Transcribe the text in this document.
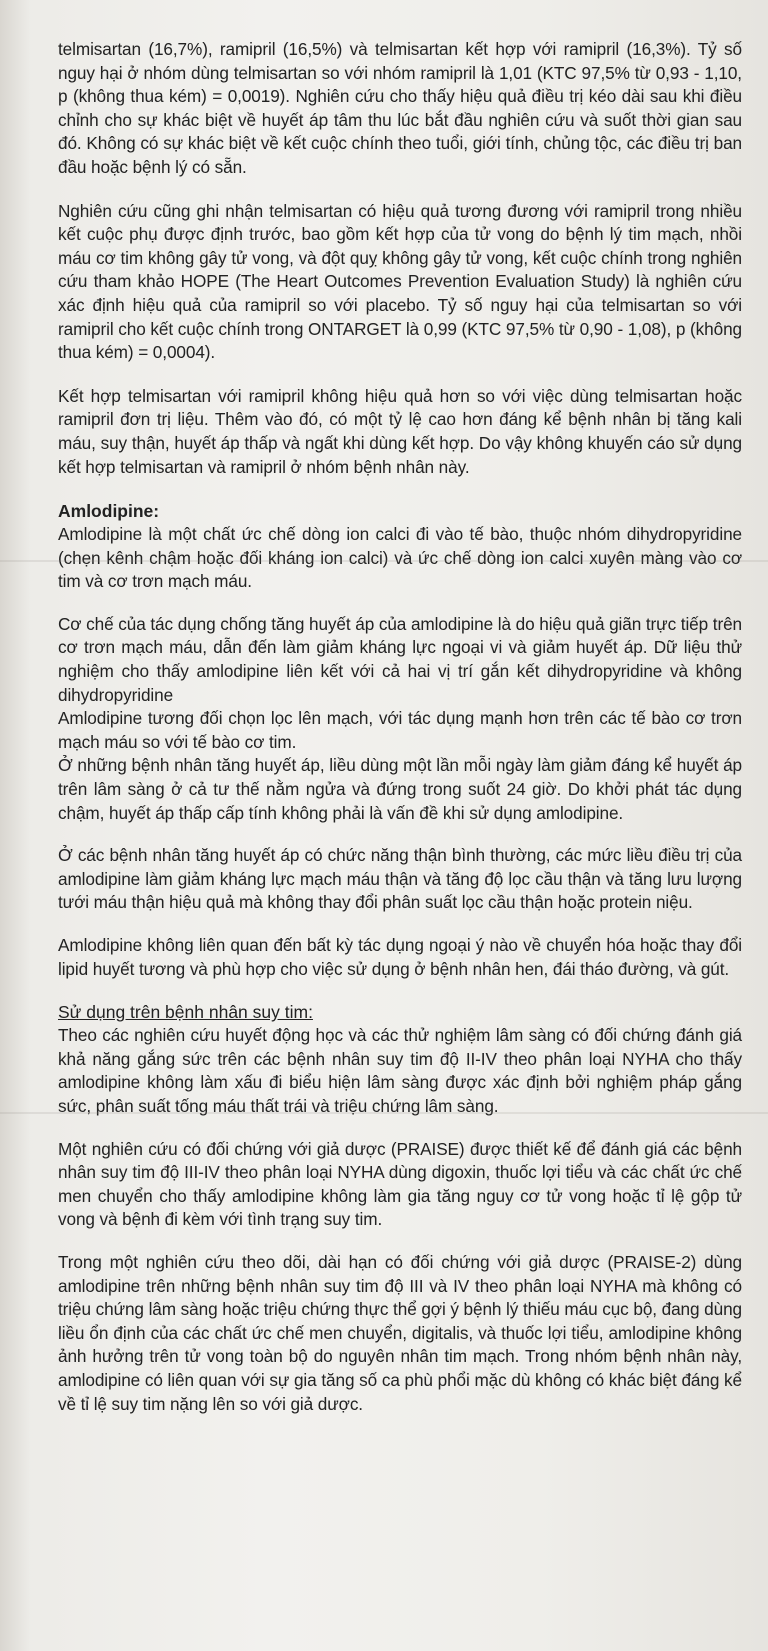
telmisartan (16,7%), ramipril (16,5%) và telmisartan kết hợp với ramipril (16,3%). Tỷ số nguy hại ở nhóm dùng telmisartan so với nhóm ramipril là 1,01 (KTC 97,5% từ 0,93 - 1,10, p (không thua kém) = 0,0019). Nghiên cứu cho thấy hiệu quả điều trị kéo dài sau khi điều chỉnh cho sự khác biệt về huyết áp tâm thu lúc bắt đầu nghiên cứu và suốt thời gian sau đó. Không có sự khác biệt về kết cuộc chính theo tuổi, giới tính, chủng tộc, các điều trị ban đầu hoặc bệnh lý có sẵn.

Nghiên cứu cũng ghi nhận telmisartan có hiệu quả tương đương với ramipril trong nhiều kết cuộc phụ được định trước, bao gồm kết hợp của tử vong do bệnh lý tim mạch, nhồi máu cơ tim không gây tử vong, và đột quỵ không gây tử vong, kết cuộc chính trong nghiên cứu tham khảo HOPE (The Heart Outcomes Prevention Evaluation Study) là nghiên cứu xác định hiệu quả của ramipril so với placebo. Tỷ số nguy hại của telmisartan so với ramipril cho kết cuộc chính trong ONTARGET là 0,99 (KTC 97,5% từ 0,90 - 1,08), p (không thua kém) = 0,0004).

Kết hợp telmisartan với ramipril không hiệu quả hơn so với việc dùng telmisartan hoặc ramipril đơn trị liệu. Thêm vào đó, có một tỷ lệ cao hơn đáng kể bệnh nhân bị tăng kali máu, suy thận, huyết áp thấp và ngất khi dùng kết hợp. Do vậy không khuyến cáo sử dụng kết hợp telmisartan và ramipril ở nhóm bệnh nhân này.

Amlodipine:

Amlodipine là một chất ức chế dòng ion calci đi vào tế bào, thuộc nhóm dihydropyridine (chẹn kênh chậm hoặc đối kháng ion calci) và ức chế dòng ion calci xuyên màng vào cơ tim và cơ trơn mạch máu.

Cơ chế của tác dụng chống tăng huyết áp của amlodipine là do hiệu quả giãn trực tiếp trên cơ trơn mạch máu, dẫn đến làm giảm kháng lực ngoại vi và giảm huyết áp. Dữ liệu thử nghiệm cho thấy amlodipine liên kết với cả hai vị trí gắn kết dihydropyridine và không dihydropyridine

Amlodipine tương đối chọn lọc lên mạch, với tác dụng mạnh hơn trên các tế bào cơ trơn mạch máu so với tế bào cơ tim.

Ở những bệnh nhân tăng huyết áp, liều dùng một lần mỗi ngày làm giảm đáng kể huyết áp trên lâm sàng ở cả tư thế nằm ngửa và đứng trong suốt 24 giờ. Do khởi phát tác dụng chậm, huyết áp thấp cấp tính không phải là vấn đề khi sử dụng amlodipine.

Ở các bệnh nhân tăng huyết áp có chức năng thận bình thường, các mức liều điều trị của amlodipine làm giảm kháng lực mạch máu thận và tăng độ lọc cầu thận và tăng lưu lượng tưới máu thận hiệu quả mà không thay đổi phân suất lọc cầu thận hoặc protein niệu.

Amlodipine không liên quan đến bất kỳ tác dụng ngoại ý nào về chuyển hóa hoặc thay đổi lipid huyết tương và phù hợp cho việc sử dụng ở bệnh nhân hen, đái tháo đường, và gút.

Sử dụng trên bệnh nhân suy tim:

Theo các nghiên cứu huyết động học và các thử nghiệm lâm sàng có đối chứng đánh giá khả năng gắng sức trên các bệnh nhân suy tim độ II-IV theo phân loại NYHA cho thấy amlodipine không làm xấu đi biểu hiện lâm sàng được xác định bởi nghiệm pháp gắng sức, phân suất tống máu thất trái và triệu chứng lâm sàng.

Một nghiên cứu có đối chứng với giả dược (PRAISE) được thiết kế để đánh giá các bệnh nhân suy tim độ III-IV theo phân loại NYHA dùng digoxin, thuốc lợi tiểu và các chất ức chế men chuyển cho thấy amlodipine không làm gia tăng nguy cơ tử vong hoặc tỉ lệ gộp tử vong và bệnh đi kèm với tình trạng suy tim.

Trong một nghiên cứu theo dõi, dài hạn có đối chứng với giả dược (PRAISE-2) dùng amlodipine trên những bệnh nhân suy tim độ III và IV theo phân loại NYHA mà không có triệu chứng lâm sàng hoặc triệu chứng thực thể gợi ý bệnh lý thiếu máu cục bộ, đang dùng liều ổn định của các chất ức chế men chuyển, digitalis, và thuốc lợi tiểu, amlodipine không ảnh hưởng trên tử vong toàn bộ do nguyên nhân tim mạch. Trong nhóm bệnh nhân này, amlodipine có liên quan với sự gia tăng số ca phù phổi mặc dù không có khác biệt đáng kể về tỉ lệ suy tim nặng lên so với giả dược.
